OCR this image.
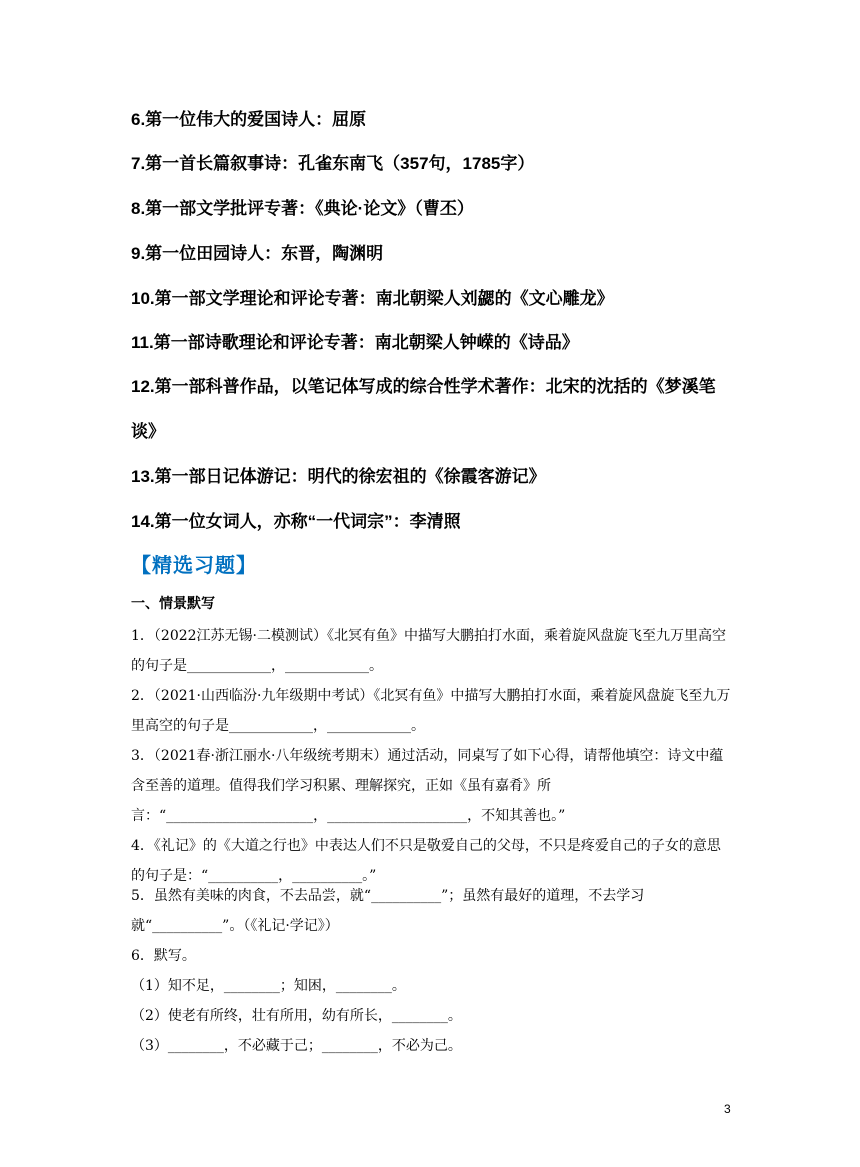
6.第一位伟大的爱国诗人：屈原
7.第一首长篇叙事诗：孔雀东南飞（357句，1785字）
8.第一部文学批评专著：《典论·论文》（曹丕）
9.第一位田园诗人：东晋，陶渊明
10.第一部文学理论和评论专著：南北朝梁人刘勰的《文心雕龙》
11.第一部诗歌理论和评论专著：南北朝梁人钟嵘的《诗品》
12.第一部科普作品，以笔记体写成的综合性学术著作：北宋的沈括的《梦溪笔谈》
13.第一部日记体游记：明代的徐宏祖的《徐霞客游记》
14.第一位女词人，亦称“一代词宗”：李清照
【精选习题】
一、情景默写
1．（2022江苏无锡·二模测试）《北冥有鱼》中描写大鹏拍打水面，乘着旋风盘旋飞至九万里高空的句子是____________，____________。
2．（2021·山西临汾·九年级期中考试）《北冥有鱼》中描写大鹏拍打水面，乘着旋风盘旋飞至九万里高空的句子是____________，____________。
3．（2021春·浙江丽水·八年级统考期末）通过活动，同桌写了如下心得，请帮他填空：诗文中蕴含至善的道理。值得我们学习积累、理解探究，正如《虽有嘉肴》所言：“_____________________，____________________，不知其善也。”
4．《礼记》的《大道之行也》中表达人们不只是敬爱自己的父母，不只是疼爱自己的子女的意思的句子是：“__________，__________。”
5．虽然有美味的肉食，不去品尝，就“__________”；虽然有最好的道理，不去学习就“__________”。（《礼记·学记》）
6．默写。
（1）知不足，________；知困，________。
（2）使老有所终，壮有所用，幼有所长，________。
（3）________，不必藏于己；________，不必为己。
3
